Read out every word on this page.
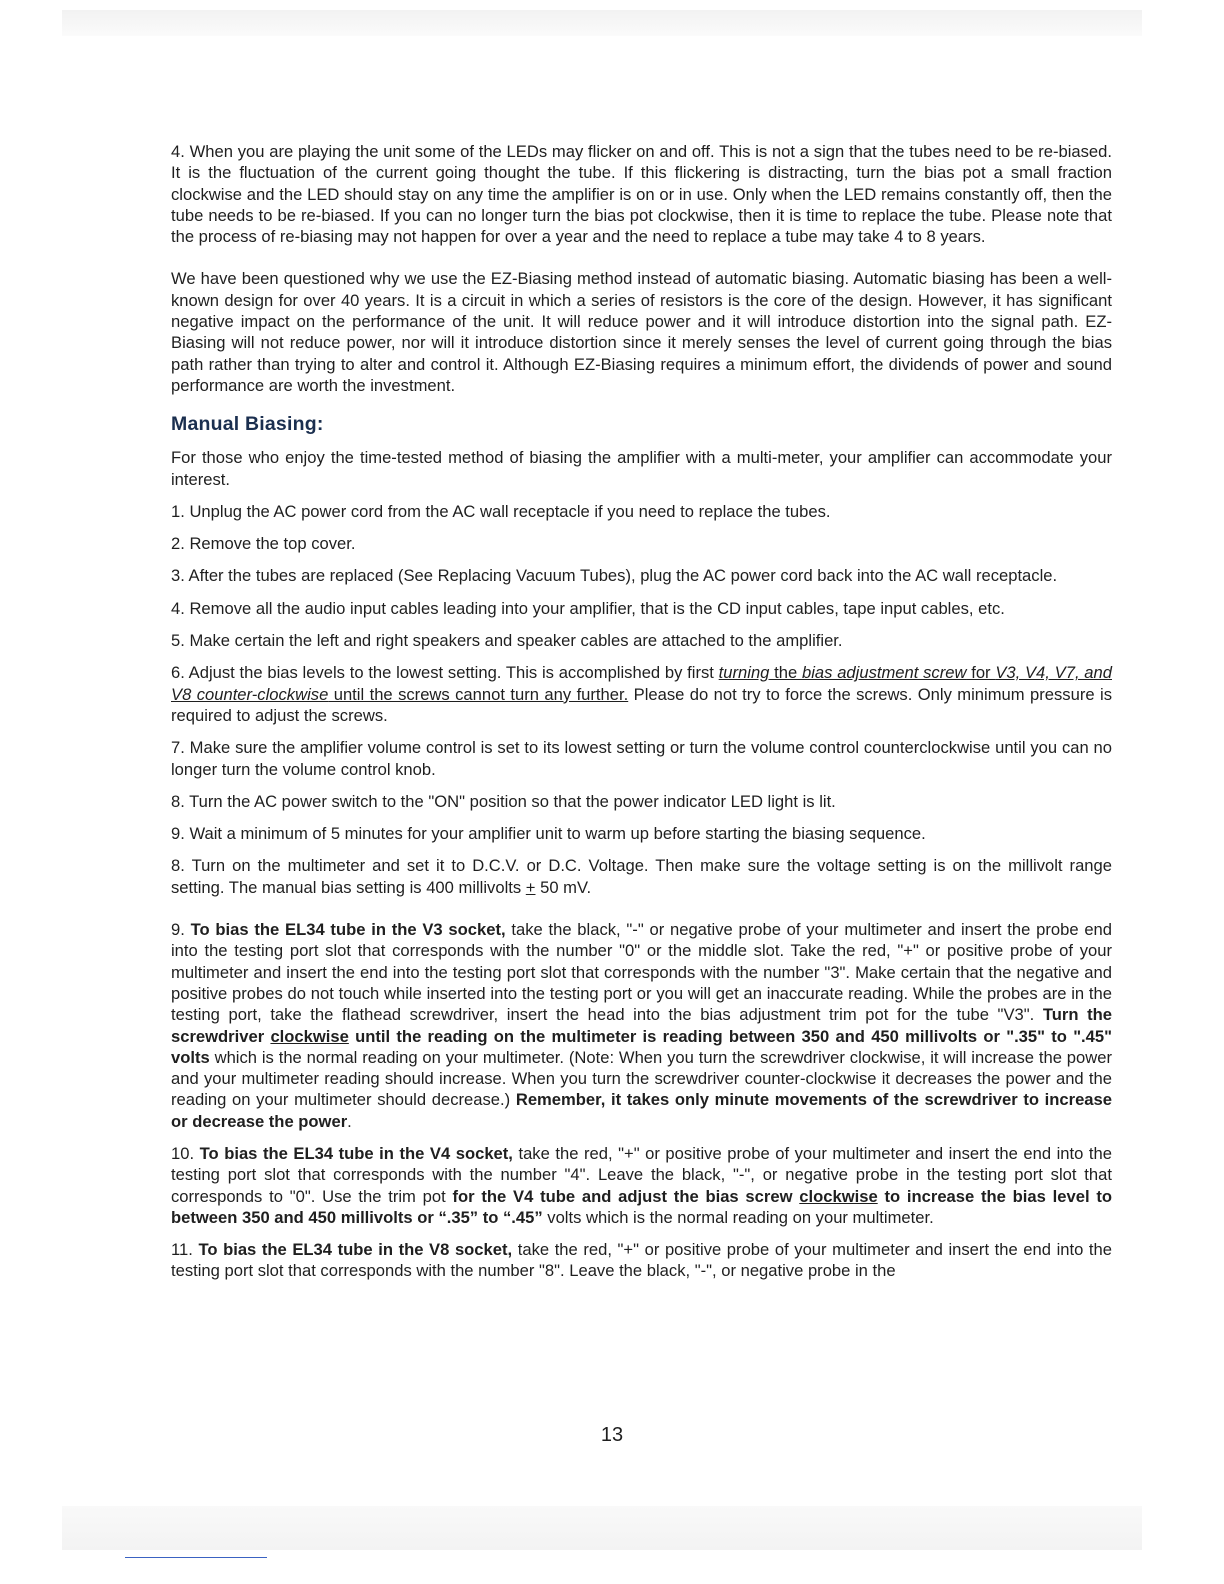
4. When you are playing the unit some of the LEDs may flicker on and off. This is not a sign that the tubes need to be re-biased. It is the fluctuation of the current going thought the tube. If this flickering is distracting, turn the bias pot a small fraction clockwise and the LED should stay on any time the amplifier is on or in use. Only when the LED remains constantly off, then the tube needs to be re-biased. If you can no longer turn the bias pot clockwise, then it is time to replace the tube. Please note that the process of re-biasing may not happen for over a year and the need to replace a tube may take 4 to 8 years.

We have been questioned why we use the EZ-Biasing method instead of automatic biasing. Automatic biasing has been a well-known design for over 40 years. It is a circuit in which a series of resistors is the core of the design. However, it has significant negative impact on the performance of the unit. It will reduce power and it will introduce distortion into the signal path. EZ-Biasing will not reduce power, nor will it introduce distortion since it merely senses the level of current going through the bias path rather than trying to alter and control it. Although EZ-Biasing requires a minimum effort, the dividends of power and sound performance are worth the investment.

Manual Biasing:

For those who enjoy the time-tested method of biasing the amplifier with a multi-meter, your amplifier can accommodate your interest.

1. Unplug the AC power cord from the AC wall receptacle if you need to replace the tubes.

2. Remove the top cover.

3. After the tubes are replaced (See Replacing Vacuum Tubes), plug the AC power cord back into the AC wall receptacle.

4. Remove all the audio input cables leading into your amplifier, that is the CD input cables, tape input cables, etc.

5. Make certain the left and right speakers and speaker cables are attached to the amplifier.

6. Adjust the bias levels to the lowest setting. This is accomplished by first turning the bias adjustment screw for V3, V4, V7, and V8 counter-clockwise until the screws cannot turn any further. Please do not try to force the screws. Only minimum pressure is required to adjust the screws.

7. Make sure the amplifier volume control is set to its lowest setting or turn the volume control counterclockwise until you can no longer turn the volume control knob.

8. Turn the AC power switch to the "ON" position so that the power indicator LED light is lit.

9. Wait a minimum of 5 minutes for your amplifier unit to warm up before starting the biasing sequence.

8. Turn on the multimeter and set it to D.C.V. or D.C. Voltage. Then make sure the voltage setting is on the millivolt range setting. The manual bias setting is 400 millivolts + 50 mV.

9. To bias the EL34 tube in the V3 socket, take the black, "-" or negative probe of your multimeter and insert the probe end into the testing port slot that corresponds with the number "0" or the middle slot. Take the red, "+" or positive probe of your multimeter and insert the end into the testing port slot that corresponds with the number "3". Make certain that the negative and positive probes do not touch while inserted into the testing port or you will get an inaccurate reading. While the probes are in the testing port, take the flathead screwdriver, insert the head into the bias adjustment trim pot for the tube "V3". Turn the screwdriver clockwise until the reading on the multimeter is reading between 350 and 450 millivolts or ".35" to ".45" volts which is the normal reading on your multimeter. (Note: When you turn the screwdriver clockwise, it will increase the power and your multimeter reading should increase. When you turn the screwdriver counter-clockwise it decreases the power and the reading on your multimeter should decrease.) Remember, it takes only minute movements of the screwdriver to increase or decrease the power.

10. To bias the EL34 tube in the V4 socket, take the red, "+" or positive probe of your multimeter and insert the end into the testing port slot that corresponds with the number "4". Leave the black, "-", or negative probe in the testing port slot that corresponds to "0". Use the trim pot for the V4 tube and adjust the bias screw clockwise to increase the bias level to between 350 and 450 millivolts or “.35” to “.45” volts which is the normal reading on your multimeter.

11. To bias the EL34 tube in the V8 socket, take the red, "+" or positive probe of your multimeter and insert the end into the testing port slot that corresponds with the number "8". Leave the black, "-", or negative probe in the

13
